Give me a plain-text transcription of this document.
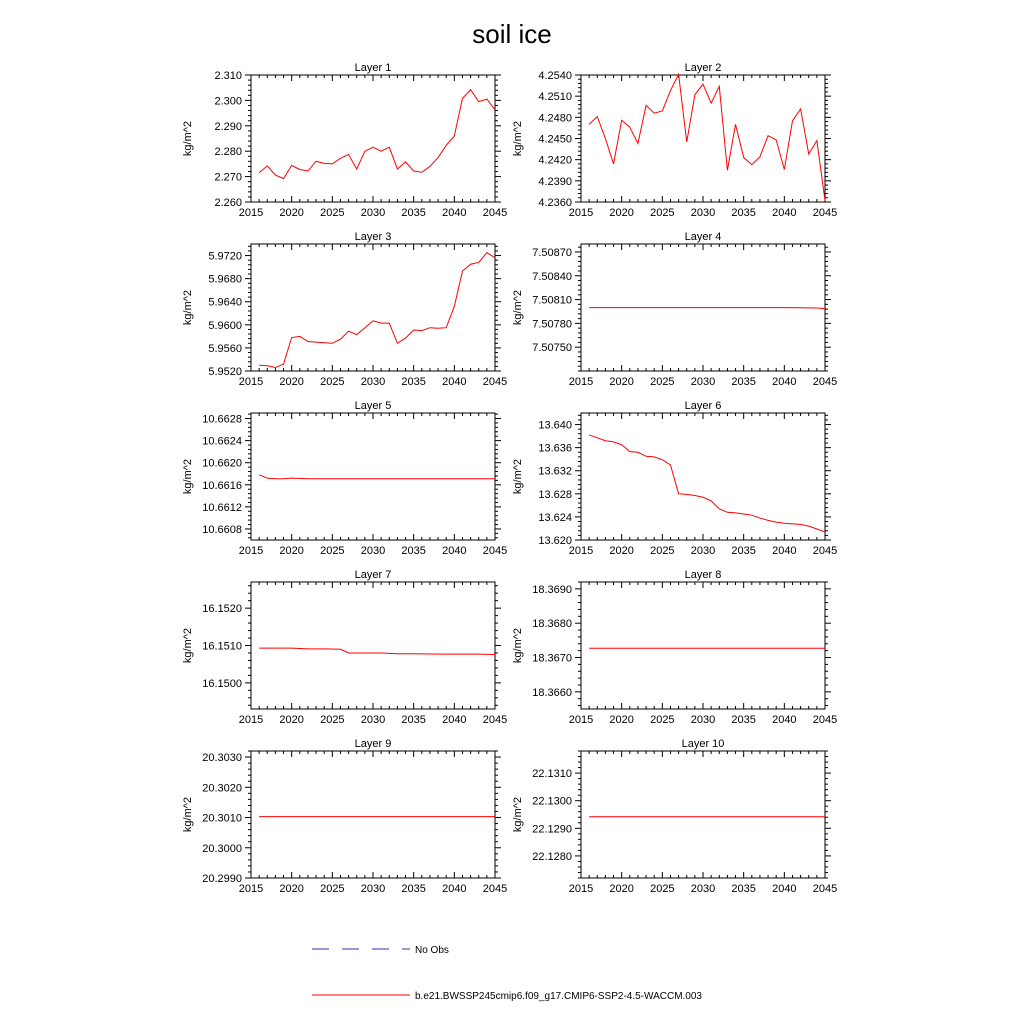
soil ice
Layer 1
kg/m^2
2015 2020 2025 2030 2035 2040 2045
2.260
2.270
2.280
2.290
2.300
2.310
Layer 2
kg/m^2
2015 2020 2025 2030 2035 2040 2045
4.2360
4.2390
4.2420
4.2450
4.2480
4.2510
4.2540
Layer 3
kg/m^2
2015 2020 2025 2030 2035 2040 2045
5.9520
5.9560
5.9600
5.9640
5.9680
5.9720
Layer 4
kg/m^2
2015 2020 2025 2030 2035 2040 2045
7.50750
7.50780
7.50810
7.50840
7.50870
Layer 5
kg/m^2
2015 2020 2025 2030 2035 2040 2045
10.6608
10.6612
10.6616
10.6620
10.6624
10.6628
Layer 6
kg/m^2
2015 2020 2025 2030 2035 2040 2045
13.620
13.624
13.628
13.632
13.636
13.640
Layer 7
kg/m^2
2015 2020 2025 2030 2035 2040 2045
16.1500
16.1510
16.1520
Layer 8
kg/m^2
2015 2020 2025 2030 2035 2040 2045
18.3660
18.3670
18.3680
18.3690
Layer 9
kg/m^2
2015 2020 2025 2030 2035 2040 2045
20.2990
20.3000
20.3010
20.3020
20.3030
Layer 10
kg/m^2
2015 2020 2025 2030 2035 2040 2045
22.1280
22.1290
22.1300
22.1310
No Obs
b.e21.BWSSP245cmip6.f09_g17.CMIP6-SSP2-4.5-WACCM.003
